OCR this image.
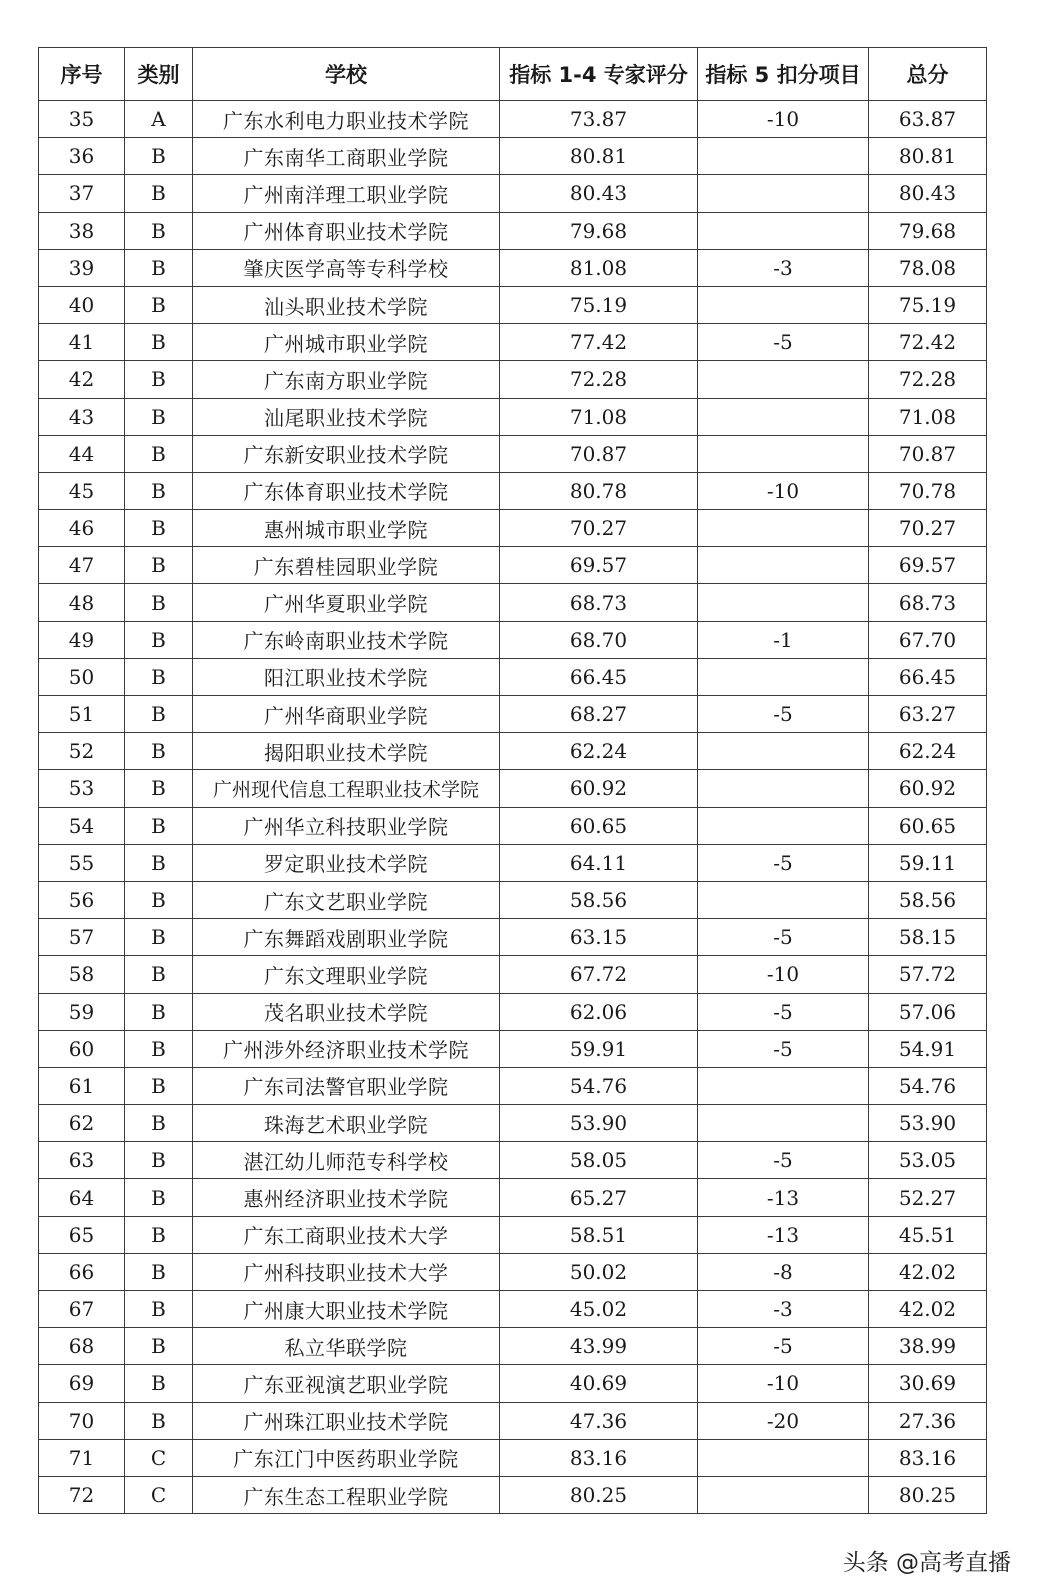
序号	类别	学校	指标 1-4 专家评分	指标 5 扣分项目	总分
35	A	广东水利电力职业技术学院	73.87	-10	63.87
36	B	广东南华工商职业学院	80.81		80.81
37	B	广州南洋理工职业学院	80.43		80.43
38	B	广州体育职业技术学院	79.68		79.68
39	B	肇庆医学高等专科学校	81.08	-3	78.08
40	B	汕头职业技术学院	75.19		75.19
41	B	广州城市职业学院	77.42	-5	72.42
42	B	广东南方职业学院	72.28		72.28
43	B	汕尾职业技术学院	71.08		71.08
44	B	广东新安职业技术学院	70.87		70.87
45	B	广东体育职业技术学院	80.78	-10	70.78
46	B	惠州城市职业学院	70.27		70.27
47	B	广东碧桂园职业学院	69.57		69.57
48	B	广州华夏职业学院	68.73		68.73
49	B	广东岭南职业技术学院	68.70	-1	67.70
50	B	阳江职业技术学院	66.45		66.45
51	B	广州华商职业学院	68.27	-5	63.27
52	B	揭阳职业技术学院	62.24		62.24
53	B	广州现代信息工程职业技术学院	60.92		60.92
54	B	广州华立科技职业学院	60.65		60.65
55	B	罗定职业技术学院	64.11	-5	59.11
56	B	广东文艺职业学院	58.56		58.56
57	B	广东舞蹈戏剧职业学院	63.15	-5	58.15
58	B	广东文理职业学院	67.72	-10	57.72
59	B	茂名职业技术学院	62.06	-5	57.06
60	B	广州涉外经济职业技术学院	59.91	-5	54.91
61	B	广东司法警官职业学院	54.76		54.76
62	B	珠海艺术职业学院	53.90		53.90
63	B	湛江幼儿师范专科学校	58.05	-5	53.05
64	B	惠州经济职业技术学院	65.27	-13	52.27
65	B	广东工商职业技术大学	58.51	-13	45.51
66	B	广州科技职业技术大学	50.02	-8	42.02
67	B	广州康大职业技术学院	45.02	-3	42.02
68	B	私立华联学院	43.99	-5	38.99
69	B	广东亚视演艺职业学院	40.69	-10	30.69
70	B	广州珠江职业技术学院	47.36	-20	27.36
71	C	广东江门中医药职业学院	83.16		83.16
72	C	广东生态工程职业学院	80.25		80.25
头条 @高考直播
